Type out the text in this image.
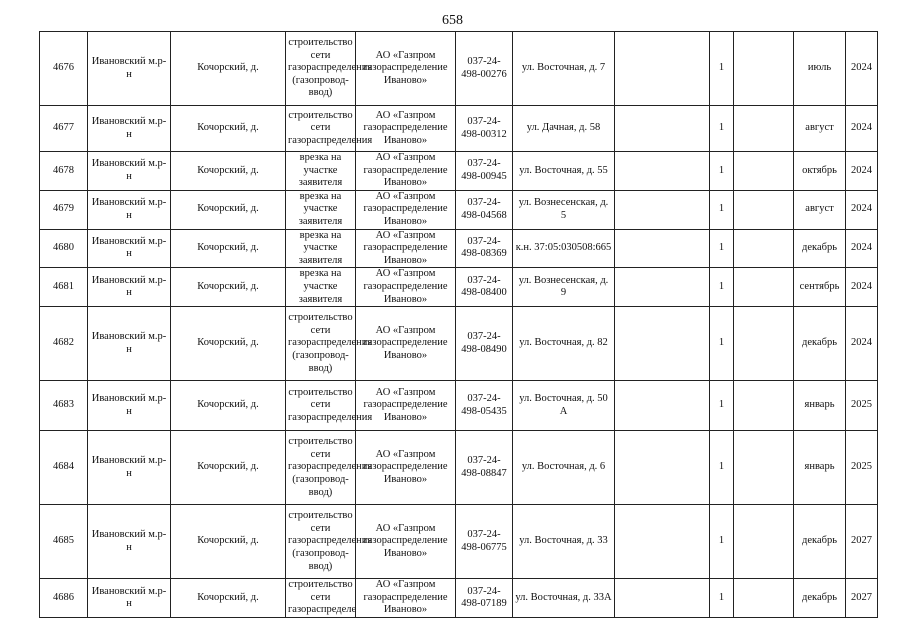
658
4676	Ивановский м.р-н	Кочорский, д.	строительство сети газораспределения (газопровод-ввод)	АО «Газпром газораспределение Иваново»	037-24-498-00276	ул. Восточная, д. 7		1		июль	2024
4677	Ивановский м.р-н	Кочорский, д.	строительство сети газораспределения	АО «Газпром газораспределение Иваново»	037-24-498-00312	ул. Дачная, д. 58		1		август	2024
4678	Ивановский м.р-н	Кочорский, д.	врезка на участке заявителя	АО «Газпром газораспределение Иваново»	037-24-498-00945	ул. Восточная, д. 55		1		октябрь	2024
4679	Ивановский м.р-н	Кочорский, д.	врезка на участке заявителя	АО «Газпром газораспределение Иваново»	037-24-498-04568	ул. Вознесенская, д. 5		1		август	2024
4680	Ивановский м.р-н	Кочорский, д.	врезка на участке заявителя	АО «Газпром газораспределение Иваново»	037-24-498-08369	к.н. 37:05:030508:665		1		декабрь	2024
4681	Ивановский м.р-н	Кочорский, д.	врезка на участке заявителя	АО «Газпром газораспределение Иваново»	037-24-498-08400	ул. Вознесенская, д. 9		1		сентябрь	2024
4682	Ивановский м.р-н	Кочорский, д.	строительство сети газораспределения (газопровод-ввод)	АО «Газпром газораспределение Иваново»	037-24-498-08490	ул. Восточная, д. 82		1		декабрь	2024
4683	Ивановский м.р-н	Кочорский, д.	строительство сети газораспределения	АО «Газпром газораспределение Иваново»	037-24-498-05435	ул. Восточная, д. 50 А		1		январь	2025
4684	Ивановский м.р-н	Кочорский, д.	строительство сети газораспределения (газопровод-ввод)	АО «Газпром газораспределение Иваново»	037-24-498-08847	ул. Восточная, д. 6		1		январь	2025
4685	Ивановский м.р-н	Кочорский, д.	строительство сети газораспределения (газопровод-ввод)	АО «Газпром газораспределение Иваново»	037-24-498-06775	ул. Восточная, д. 33		1		декабрь	2027
4686	Ивановский м.р-н	Кочорский, д.	строительство сети газораспределе	АО «Газпром газораспределение Иваново»	037-24-498-07189	ул. Восточная, д. 33А		1		декабрь	2027
